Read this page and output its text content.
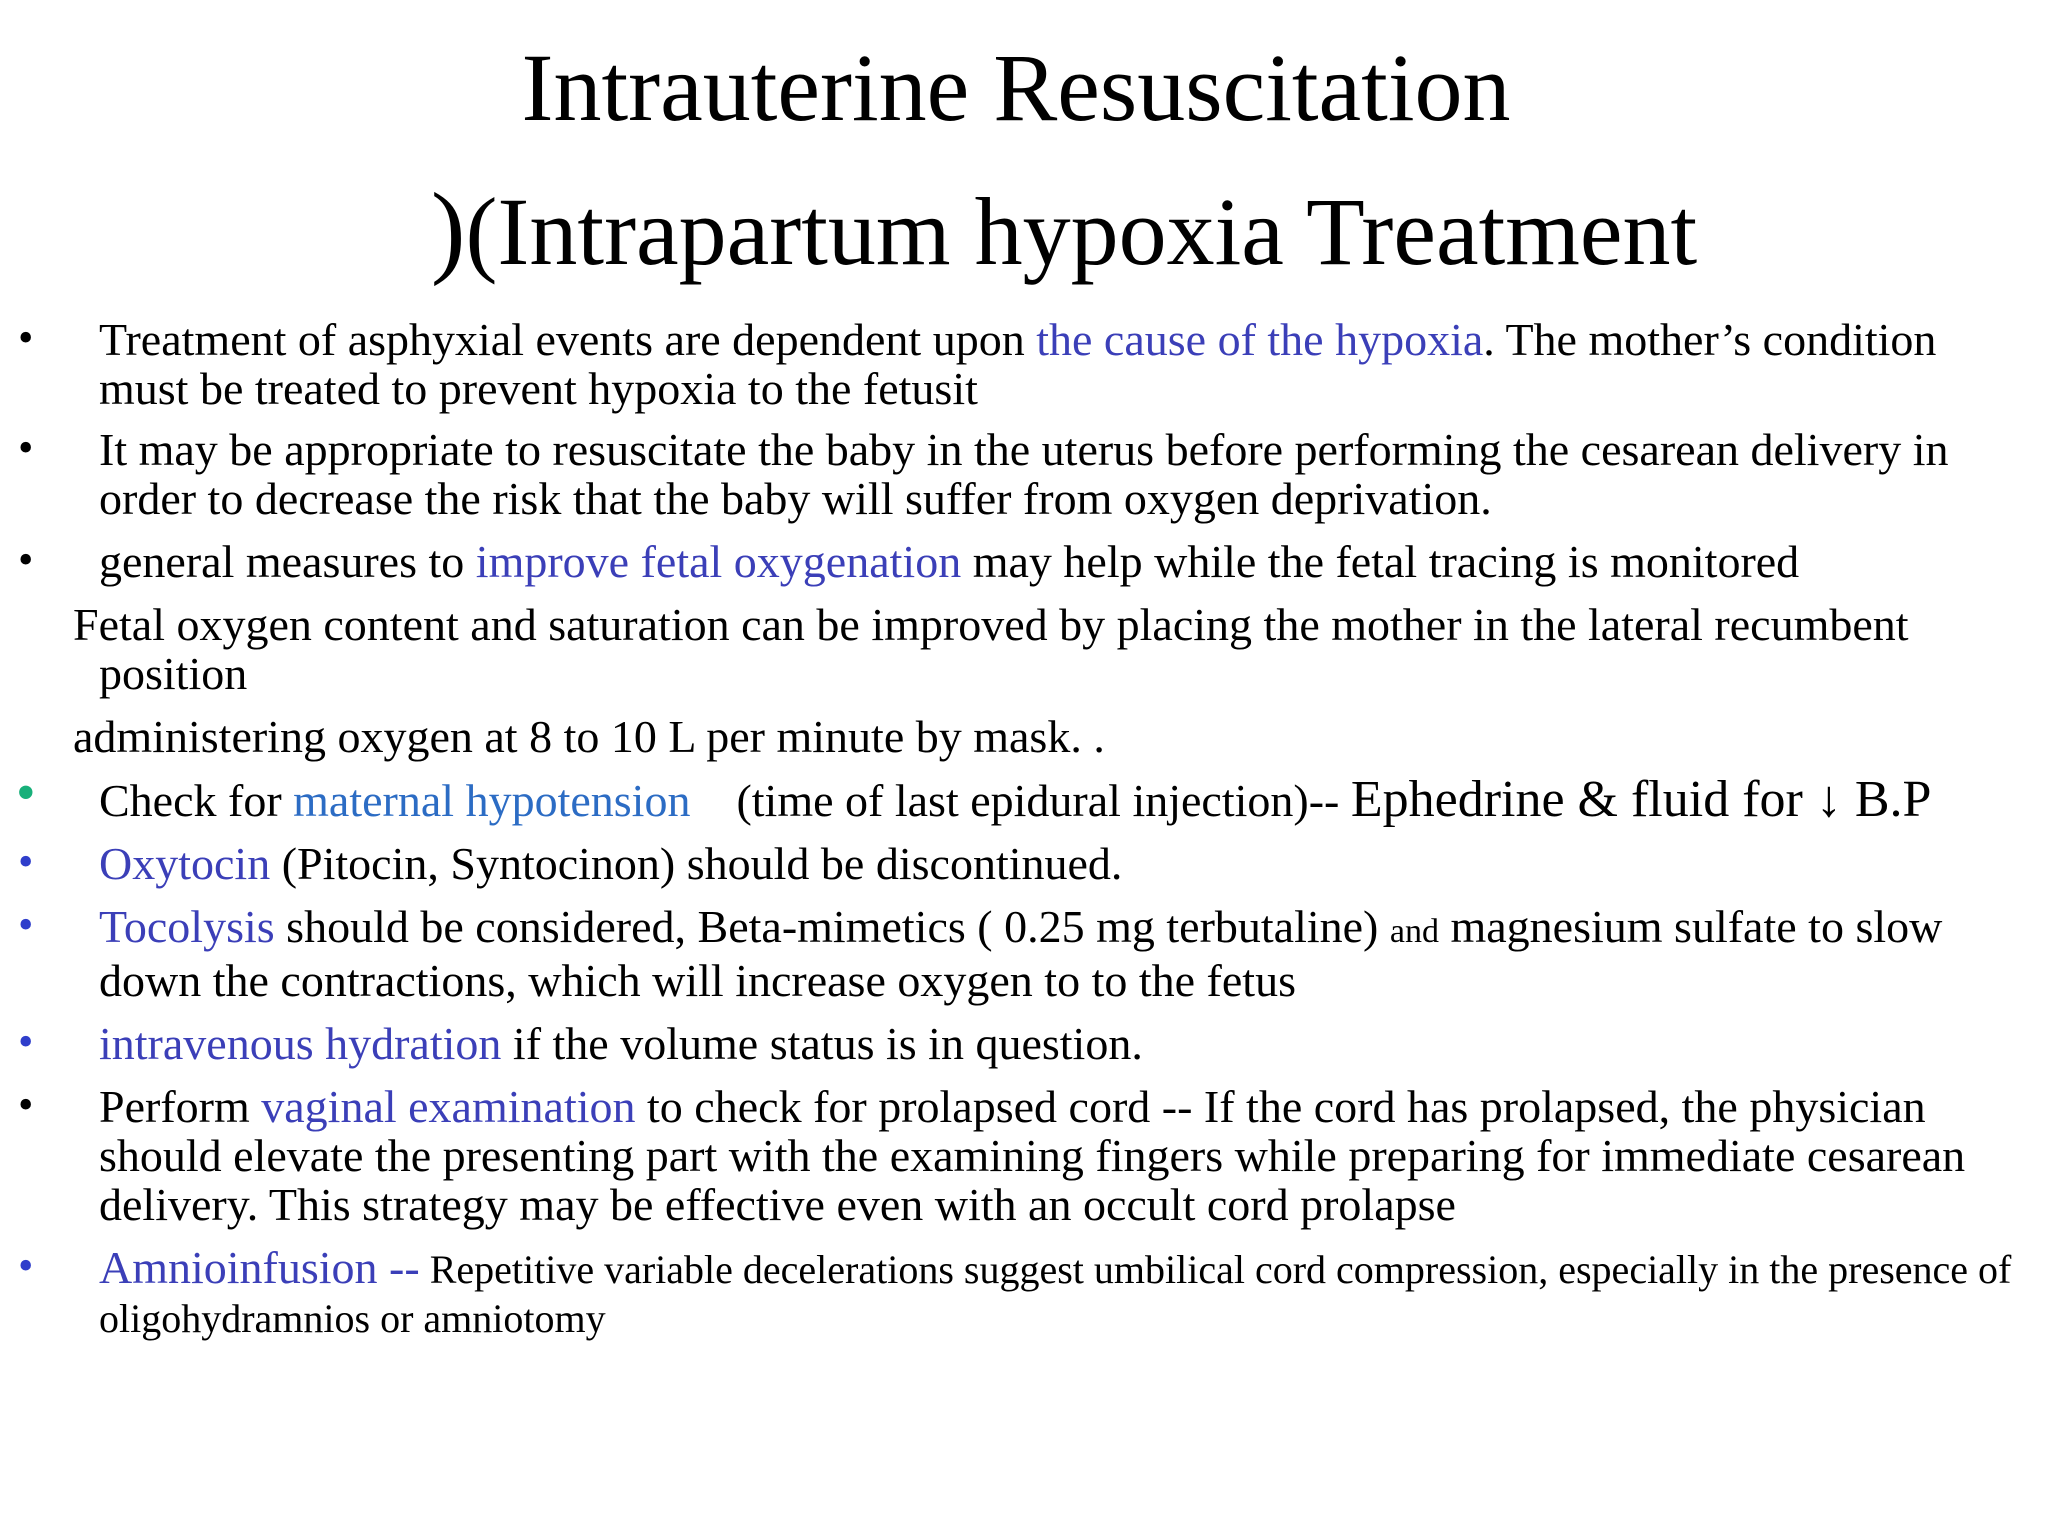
Intrauterine Resuscitation
)(Intrapartum hypoxia Treatment
•	Treatment of asphyxial events are dependent upon the cause of the hypoxia. The mother’s condition must be treated to prevent hypoxia to the fetusit
•	It may be appropriate to resuscitate the baby in the uterus before performing the cesarean delivery in order to decrease the risk that the baby will suffer from oxygen deprivation.
•	general measures to improve fetal oxygenation may help while the fetal tracing is monitored
Fetal oxygen content and saturation can be improved by placing the mother in the lateral recumbent position
administering oxygen at 8 to 10 L per minute by mask. .
•	Check for maternal hypotension    (time of last epidural injection)-- Ephedrine & fluid for ↓ B.P
•	Oxytocin (Pitocin, Syntocinon) should be discontinued.
•	Tocolysis should be considered, Beta-mimetics ( 0.25 mg terbutaline) and magnesium sulfate to slow down the contractions, which will increase oxygen to to the fetus
•	intravenous hydration if the volume status is in question.
•	Perform vaginal examination to check for prolapsed cord -- If the cord has prolapsed, the physician should elevate the presenting part with the examining fingers while preparing for immediate cesarean delivery. This strategy may be effective even with an occult cord prolapse
•	Amnioinfusion -- Repetitive variable decelerations suggest umbilical cord compression, especially in the presence of oligohydramnios or amniotomy
